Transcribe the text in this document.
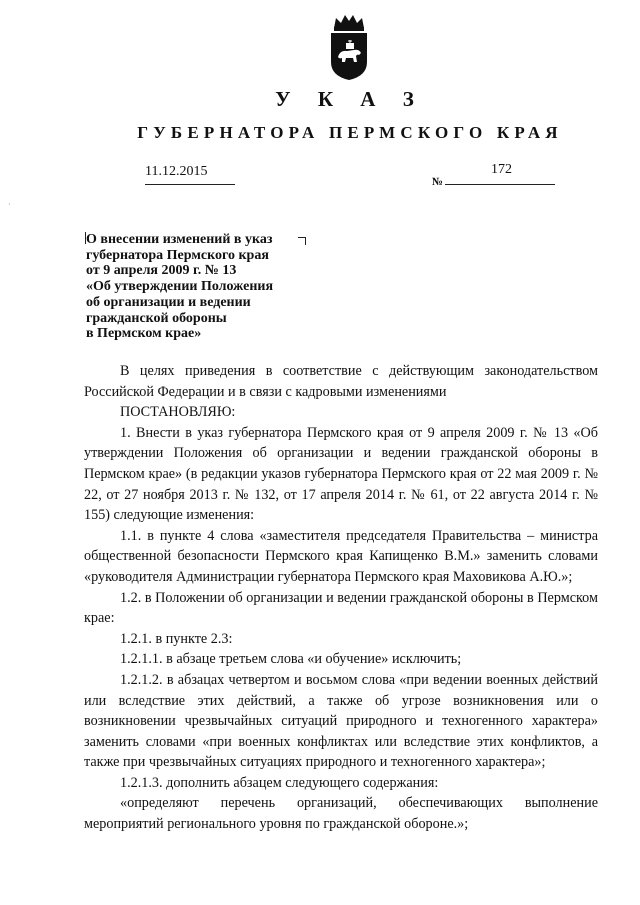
У К А З
ГУБЕРНАТОРА ПЕРМСКОГО КРАЯ
11.12.2015
№
172
·
О внесении изменений в указ
губернатора Пермского края
от 9 апреля 2009 г. № 13
«Об утверждении Положения
об организации и ведении
гражданской обороны
в Пермском крае»

В целях приведения в соответствие с действующим законодательством Российской Федерации и в связи с кадровыми изменениями

ПОСТАНОВЛЯЮ:

1. Внести в указ губернатора Пермского края от 9 апреля 2009 г. № 13 «Об утверждении Положения об организации и ведении гражданской обороны в Пермском крае» (в редакции указов губернатора Пермского края от 22 мая 2009 г. № 22, от 27 ноября 2013 г. № 132, от 17 апреля 2014 г. № 61, от 22 августа 2014 г. № 155) следующие изменения:

1.1. в пункте 4 слова «заместителя председателя Правительства – министра общественной безопасности Пермского края Капищенко В.М.» заменить словами «руководителя Администрации губернатора Пермского края Маховикова А.Ю.»;

1.2. в Положении об организации и ведении гражданской обороны в Пермском крае:

1.2.1. в пункте 2.3:

1.2.1.1. в абзаце третьем слова «и обучение» исключить;

1.2.1.2. в абзацах четвертом и восьмом слова «при ведении военных действий или вследствие этих действий, а также об угрозе возникновения или о возникновении чрезвычайных ситуаций природного и техногенного характера» заменить словами «при военных конфликтах или вследствие этих конфликтов, а также при чрезвычайных ситуациях природного и техногенного характера»;

1.2.1.3. дополнить абзацем следующего содержания:

«определяют перечень организаций, обеспечивающих выполнение мероприятий регионального уровня по гражданской обороне.»;
